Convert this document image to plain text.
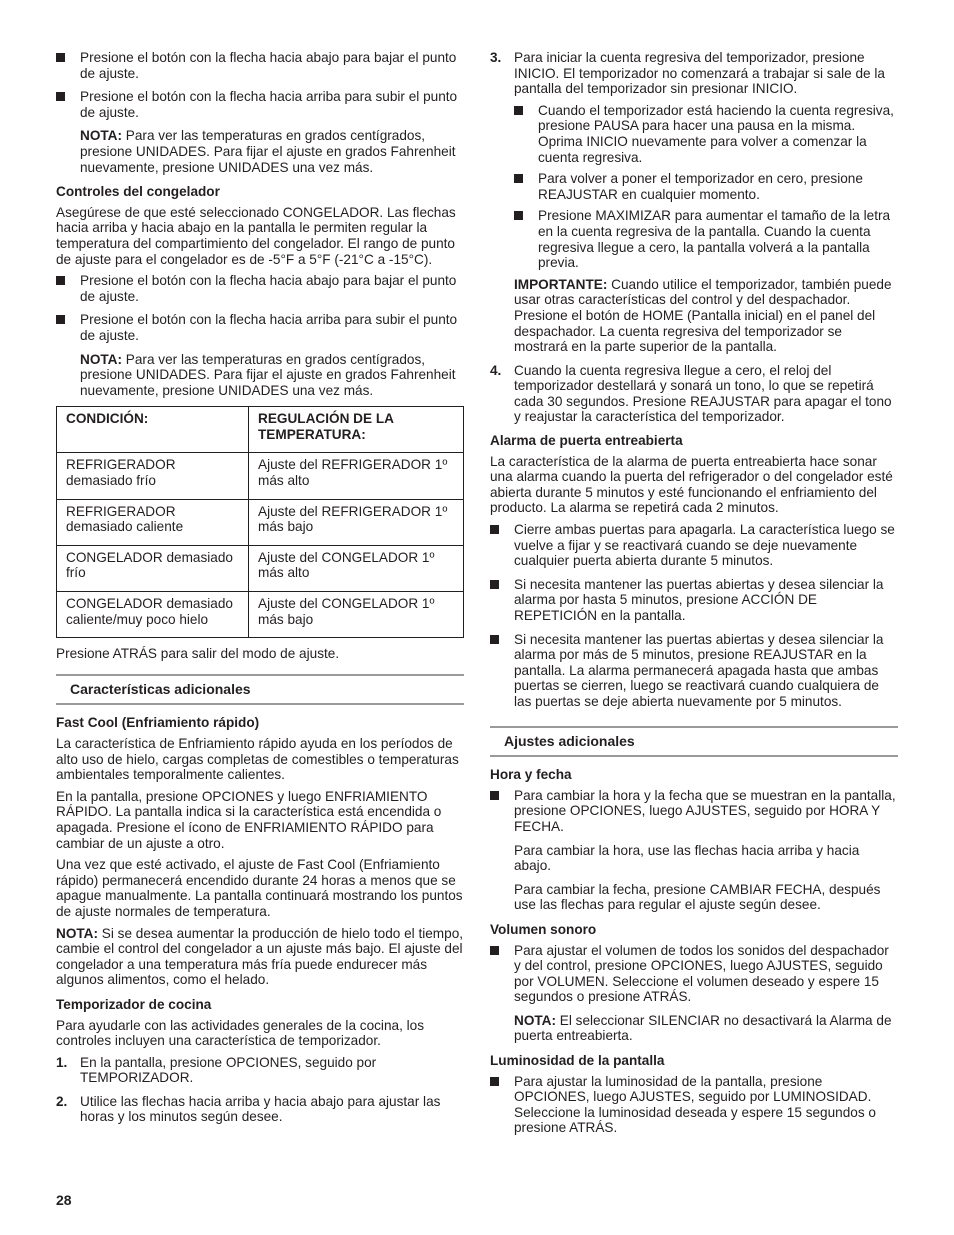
Presione el botón con la flecha hacia abajo para bajar el punto de ajuste.

Presione el botón con la flecha hacia arriba para subir el punto de ajuste.

NOTA: Para ver las temperaturas en grados centígrados, presione UNIDADES. Para fijar el ajuste en grados Fahrenheit nuevamente, presione UNIDADES una vez más.

Controles del congelador

Asegúrese de que esté seleccionado CONGELADOR. Las flechas hacia arriba y hacia abajo en la pantalla le permiten regular la temperatura del compartimiento del congelador. El rango de punto de ajuste para el congelador es de -5°F a 5°F (-21°C a -15°C).

Presione el botón con la flecha hacia abajo para bajar el punto de ajuste.

Presione el botón con la flecha hacia arriba para subir el punto de ajuste.

NOTA: Para ver las temperaturas en grados centígrados, presione UNIDADES. Para fijar el ajuste en grados Fahrenheit nuevamente, presione UNIDADES una vez más.

CONDICIÓN:	REGULACIÓN DE LA TEMPERATURA:
REFRIGERADOR demasiado frío	Ajuste del REFRIGERADOR 1º más alto
REFRIGERADOR demasiado caliente	Ajuste del REFRIGERADOR 1º más bajo
CONGELADOR demasiado frío	Ajuste del CONGELADOR 1º más alto
CONGELADOR demasiado caliente/muy poco hielo	Ajuste del CONGELADOR 1º más bajo

Presione ATRÁS para salir del modo de ajuste.

Características adicionales

Fast Cool (Enfriamiento rápido)

La característica de Enfriamiento rápido ayuda en los períodos de alto uso de hielo, cargas completas de comestibles o temperaturas ambientales temporalmente calientes.

En la pantalla, presione OPCIONES y luego ENFRIAMIENTO RÁPIDO. La pantalla indica si la característica está encendida o apagada. Presione el ícono de ENFRIAMIENTO RÁPIDO para cambiar de un ajuste a otro.

Una vez que esté activado, el ajuste de Fast Cool (Enfriamiento rápido) permanecerá encendido durante 24 horas a menos que se apague manualmente. La pantalla continuará mostrando los puntos de ajuste normales de temperatura.

NOTA: Si se desea aumentar la producción de hielo todo el tiempo, cambie el control del congelador a un ajuste más bajo. El ajuste del congelador a una temperatura más fría puede endurecer más algunos alimentos, como el helado.

Temporizador de cocina

Para ayudarle con las actividades generales de la cocina, los controles incluyen una característica de temporizador.

1. En la pantalla, presione OPCIONES, seguido por TEMPORIZADOR.

2. Utilice las flechas hacia arriba y hacia abajo para ajustar las horas y los minutos según desee.

3. Para iniciar la cuenta regresiva del temporizador, presione INICIO. El temporizador no comenzará a trabajar si sale de la pantalla del temporizador sin presionar INICIO.

Cuando el temporizador está haciendo la cuenta regresiva, presione PAUSA para hacer una pausa en la misma. Oprima INICIO nuevamente para volver a comenzar la cuenta regresiva.

Para volver a poner el temporizador en cero, presione REAJUSTAR en cualquier momento.

Presione MAXIMIZAR para aumentar el tamaño de la letra en la cuenta regresiva de la pantalla. Cuando la cuenta regresiva llegue a cero, la pantalla volverá a la pantalla previa.

IMPORTANTE: Cuando utilice el temporizador, también puede usar otras características del control y del despachador. Presione el botón de HOME (Pantalla inicial) en el panel del despachador. La cuenta regresiva del temporizador se mostrará en la parte superior de la pantalla.

4. Cuando la cuenta regresiva llegue a cero, el reloj del temporizador destellará y sonará un tono, lo que se repetirá cada 30 segundos. Presione REAJUSTAR para apagar el tono y reajustar la característica del temporizador.

Alarma de puerta entreabierta

La característica de la alarma de puerta entreabierta hace sonar una alarma cuando la puerta del refrigerador o del congelador esté abierta durante 5 minutos y esté funcionando el enfriamiento del producto. La alarma se repetirá cada 2 minutos.

Cierre ambas puertas para apagarla. La característica luego se vuelve a fijar y se reactivará cuando se deje nuevamente cualquier puerta abierta durante 5 minutos.

Si necesita mantener las puertas abiertas y desea silenciar la alarma por hasta 5 minutos, presione ACCIÓN DE REPETICIÓN en la pantalla.

Si necesita mantener las puertas abiertas y desea silenciar la alarma por más de 5 minutos, presione REAJUSTAR en la pantalla. La alarma permanecerá apagada hasta que ambas puertas se cierren, luego se reactivará cuando cualquiera de las puertas se deje abierta nuevamente por 5 minutos.

Ajustes adicionales

Hora y fecha

Para cambiar la hora y la fecha que se muestran en la pantalla, presione OPCIONES, luego AJUSTES, seguido por HORA Y FECHA.

Para cambiar la hora, use las flechas hacia arriba y hacia abajo.

Para cambiar la fecha, presione CAMBIAR FECHA, después use las flechas para regular el ajuste según desee.

Volumen sonoro

Para ajustar el volumen de todos los sonidos del despachador y del control, presione OPCIONES, luego AJUSTES, seguido por VOLUMEN. Seleccione el volumen deseado y espere 15 segundos o presione ATRÁS.

NOTA: El seleccionar SILENCIAR no desactivará la Alarma de puerta entreabierta.

Luminosidad de la pantalla

Para ajustar la luminosidad de la pantalla, presione OPCIONES, luego AJUSTES, seguido por LUMINOSIDAD. Seleccione la luminosidad deseada y espere 15 segundos o presione ATRÁS.

28
